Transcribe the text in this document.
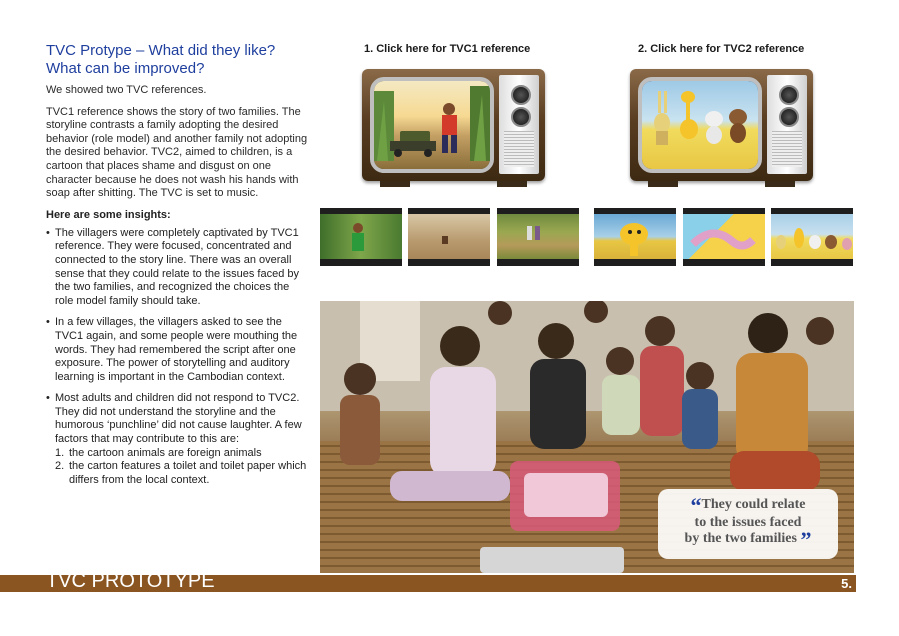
TVC Protype – What did they like? What can be improved?

We showed two TVC references.

TVC1 reference shows the story of two families. The storyline contrasts a family adopting the desired behavior (role model) and another family not adopting the desired behavior. TVC2, aimed to children, is a cartoon that places shame and disgust on one character because he does not wash his hands with soap after shitting. The TVC is set to music.

Here are some insights:
• The villagers were completely captivated by TVC1 reference. They were focused, concentrated and connected to the story line. There was an overall sense that they could relate to the issues faced by the two families, and recognized the choices the role model family should take.
• In a few villages, the villagers asked to see the TVC1 again, and some people were mouthing the words. They had remembered the script after one exposure. The power of storytelling and auditory learning is important in the Cambodian context.
• Most adults and children did not respond to TVC2. They did not understand the storyline and the humorous ‘punchline’ did not cause laughter. A few factors that may contribute to this are:
1. the cartoon animals are foreign animals
2. the carton features a toilet and toilet paper which differs from the local context.
1. Click here for TVC1 reference	2. Click here for TVC2 reference
“They could relate
to the issues faced
by the two families ”
TVC PROTOTYPE	5.
